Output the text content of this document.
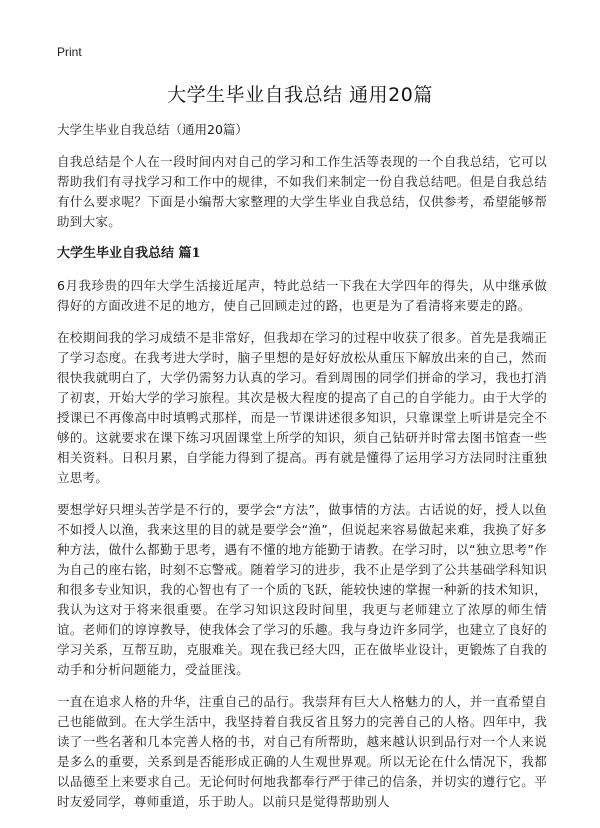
Print
大学生毕业自我总结 通用20篇

大学生毕业自我总结（通用20篇）

自我总结是个人在一段时间内对自己的学习和工作生活等表现的一个自我总结，它可以帮助我们有寻找学习和工作中的规律，不如我们来制定一份自我总结吧。但是自我总结有什么要求呢？下面是小编帮大家整理的大学生毕业自我总结，仅供参考，希望能够帮助到大家。

大学生毕业自我总结 篇1

6月我珍贵的四年大学生活接近尾声，特此总结一下我在大学四年的得失，从中继承做得好的方面改进不足的地方，使自己回顾走过的路，也更是为了看清将来要走的路。

在校期间我的学习成绩不是非常好，但我却在学习的过程中收获了很多。首先是我端正了学习态度。在我考进大学时，脑子里想的是好好放松从重压下解放出来的自己，然而很快我就明白了，大学仍需努力认真的学习。看到周围的同学们拼命的学习，我也打消了初衷，开始大学的学习旅程。其次是极大程度的提高了自己的自学能力。由于大学的授课已不再像高中时填鸭式那样，而是一节课讲述很多知识，只靠课堂上听讲是完全不够的。这就要求在课下练习巩固课堂上所学的知识，须自己钻研并时常去图书馆查一些相关资料。日积月累，自学能力得到了提高。再有就是懂得了运用学习方法同时注重独立思考。

要想学好只埋头苦学是不行的，要学会“方法”，做事情的方法。古话说的好，授人以鱼不如授人以渔，我来这里的目的就是要学会“渔”，但说起来容易做起来难，我换了好多种方法，做什么都勤于思考，遇有不懂的地方能勤于请教。在学习时，以“独立思考”作为自己的座右铭，时刻不忘警戒。随着学习的进步，我不止是学到了公共基础学科知识和很多专业知识，我的心智也有了一个质的飞跃，能较快速的掌握一种新的技术知识，我认为这对于将来很重要。在学习知识这段时间里，我更与老师建立了浓厚的师生情谊。老师们的谆谆教导，使我体会了学习的乐趣。我与身边许多同学，也建立了良好的学习关系，互帮互助，克服难关。现在我已经大四，正在做毕业设计，更锻炼了自我的动手和分析问题能力，受益匪浅。

一直在追求人格的升华，注重自己的品行。我崇拜有巨大人格魅力的人，并一直希望自己也能做到。在大学生活中，我坚持着自我反省且努力的完善自己的人格。四年中，我读了一些名著和几本完善人格的书，对自己有所帮助，越来越认识到品行对一个人来说是多么的重要，关系到是否能形成正确的人生观世界观。所以无论在什么情况下，我都以品德至上来要求自己。无论何时何地我都奉行严于律己的信条，并切实的遵行它。平时友爱同学，尊师重道，乐于助人。以前只是觉得帮助别人
